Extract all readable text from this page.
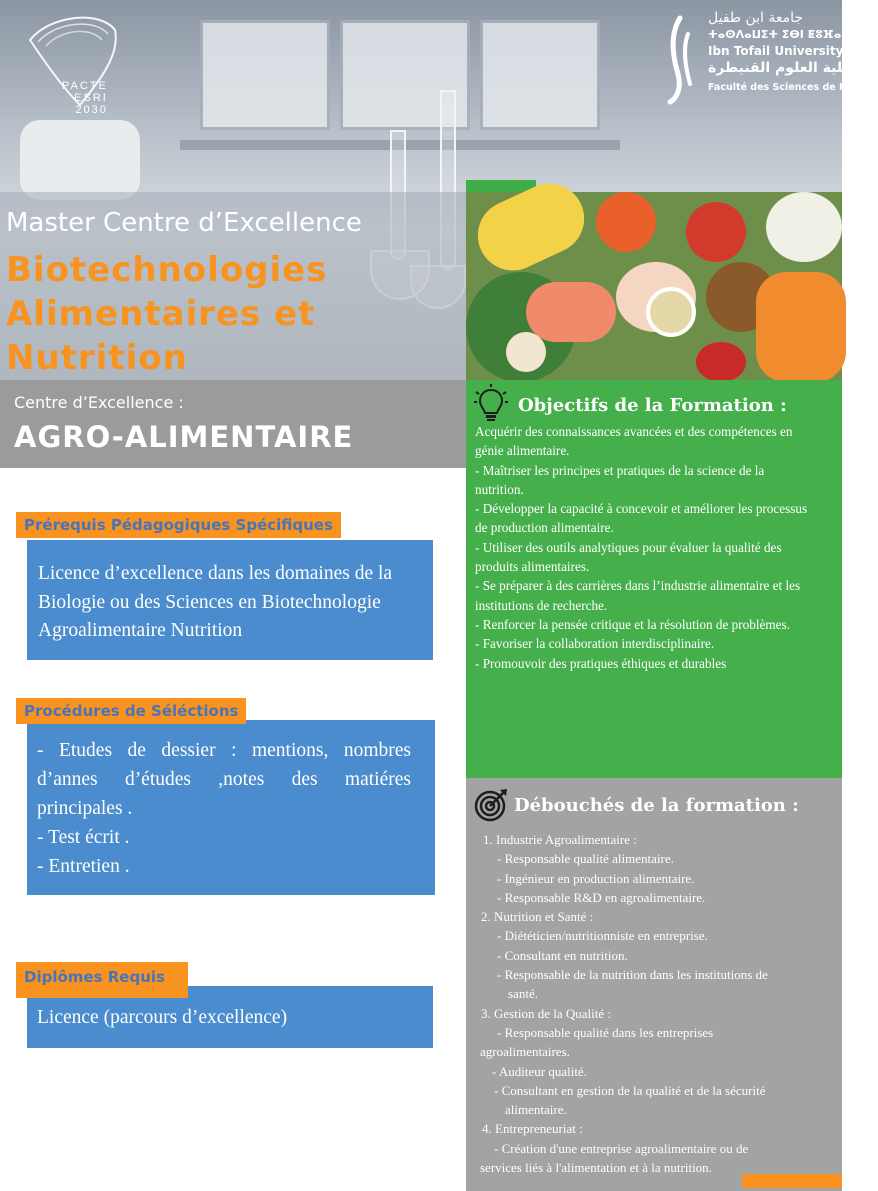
PACTE
ESRI
2030
جامعة ابن طفيل
ⵜⴰⵙⴷⴰⵡⵉⵜ ⵉⴱⵏ ⵟⵓⴼⴰⵢⵍ
Ibn Tofail University
كلية العلوم القنيطرة
Faculté des Sciences de Kénitra
Master Centre d’Excellence
Biotechnologies Alimentaires et Nutrition
Centre d’Excellence :
AGRO-ALIMENTAIRE
Prérequis Pédagogiques Spécifiques
Licence d’excellence dans les domaines de la Biologie ou des Sciences en Biotechnologie Agroalimentaire Nutrition
Procédures de Séléctions

- Etudes de dessier : mentions, nombres d’annes d’études ,notes des matiéres principales .

- Test écrit .

- Entretien .

Diplômes Requis
Licence (parcours d’excellence)
Objectifs de la Formation :

Acquérir des connaissances avancées et des compétences en

génie alimentaire.

- Maîtriser les principes et pratiques de la science de la

nutrition.

- Développer la capacité à concevoir et améliorer les processus

de production alimentaire.

- Utiliser des outils analytiques pour évaluer la qualité des

produits alimentaires.

- Se préparer à des carrières dans l’industrie alimentaire et les

institutions de recherche.

- Renforcer la pensée critique et la résolution de problèmes.

- Favoriser la collaboration interdisciplinaire.

- Promouvoir des pratiques éthiques et durables

Débouchés de la formation :

1. Industrie Agroalimentaire :

- Responsable qualité alimentaire.

- Ingénieur en production alimentaire.

- Responsable R&D en agroalimentaire.

2. Nutrition et Santé :

- Diététicien/nutritionniste en entreprise.

- Consultant en nutrition.

- Responsable de la nutrition dans les institutions de

santé.

3. Gestion de la Qualité :

- Responsable qualité dans les entreprises

agroalimentaires.

- Auditeur qualité.

- Consultant en gestion de la qualité et de la sécurité

alimentaire.

4. Entrepreneuriat :

- Création d'une entreprise agroalimentaire ou de

services liés à l'alimentation et à la nutrition.
